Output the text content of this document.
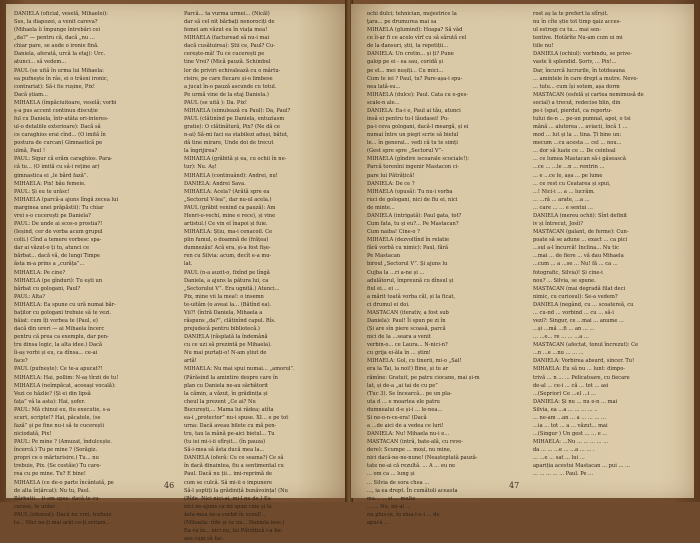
DANIELA (oficial, veselă, Mihaelei):
Sus, la diapozei, a venit careva?
(Mihaela îi împunge întrebări cei
„da?” — pentru că, dacă „nu ...
chiar pare, se aude o ironie fină.
Daniela, aferată, urcă la etaj): Urc.
atunci... să vedem...
PAUL (se uită în urma lui Mihaela:
ea pufnește în râs, ei o trăsni ironic,
contrariat): Să-i fie rușine, Pix!
Dacă știam...
MIHAELA (împăciuitoare, veselă; vorbi
ș-a pus accent continuu discuție
ful cu Daniela, într-atâta ori-interes-
ul-o detaliile exterioare): Dacă să
ce caraghios erai cînd... (O imită în
postura de curcan) Gimnastică pe
ulmă, Paul !
PAUL: Sigur că erăm caraghios. Para-
că tu... (O imită cu să-i reține ar)
gimnastica ei „le bărd fază”.
MIHAELA: Pix! bău femeie.
PAUL: Și eu te urăsc!
MIHAELA (parcă-a ajuns lîngă zecea lui
marginea unei prăpăstii): Tu chiar
vrei s-o cucerești pe Daniela?
PAUL: De unde ai scos-o prostia?!
(Ieșind, cer de vorba acum grupul
colii.) Cînd a temere vorbesc spa-
dar ai văzut-o ți tu, atunci ce
bărbat... dacă vă, de lungi Timpe
ăsta m-a prins a „curăța”...
MIHAELA: Pe cine?
MIHAELA (pe gînduri): Tu ești un
bărbat cu gologani, Paul?
PAUL: Alta?
MIHAELA: Ea spune cu ură numai băr-
baților cu gologani trebuie să te vezi.
băiat: cum îți vorbea te (Paul, e)
dacă din ureri — ai Mihaela încerc
pentru că prea ca exemplu, dar pen-
tru dinsa logic, la alta idee.) Dacă
îi-aș vorbi și eu, ca dînsa... ce-ai
face?
PAUL (pufnește): Ce te-a apucat?!
MIHAELA: Hai, pollim: N-aș tîrzii de tu!
MIHAELA (neîmpăcat, aceeași vocală):
Vezi ce hăzlie? (Și ei din lipsă
fața” vă la asta): Hai, șofer.
PAUL: Mă chinui eu, fiu executie, s-a
scurt, scripte!? Hai, păcatele, (se
fază” și pe fine nu-i să te cucerești
niciodată, Pix!
PAUL: Pe mine ? (Amuzat, îndulcește.
încercă.) Tu pe mine ? (Sorăgiz.
propri ce o mărturisire.) Tu... nu
trebuie, Pix. (Se costăie) Tu care-
rea cu pe mine. Tu? E bine!
MIHAELA (ce de-o parte încântată, pe
de alta înțărcat): Nu tu, Paul.
Bărbații... ți-am spus: dacă te cu-
cerese, te urăsc.
PAUL (ofensat): Dacă nu vrei, trebuie
ta... Nici nu-ți mai arăt ce-ți scriam...
Parcă... ta vurma urmei... (Nicăl)
dar să cel nit bărbați nenorociți de
femei am văzut eu în viața mea!
MIHAELA (facturead să nu-i mai
dacă cusătuirea): Știi ce, Paul? Cu-
cerește-mă! Tu ce cucerești pe
tine Vrei? (Mică pauză. Schimbul
lor de priviri echivalează cu o mărtu-
risire, pe care fiecare și-o limbese
a jucat în-o pauză ascunde cu totul.
Pe urmă vine de la etaj Daniela.)
PAUL (se uită ): Da. Pix!
MIHAELA (simulează cu Paul): Da, Paul?
PAUL (clătinînd pe Daniela, entuziasm
gratie): O clătinătură, Pix? (Ne dă ce
n-ai) Să-mi faci ea stabilezi aduși, bătut,
dă tine mirare, Unde doi de trecut
la îngrijirea?
MIHAELA (grăbită și ea, cu ochii în ne-
tur): Nu. Aș!
MIHAELA (continuând): Andrei, nu!
DANIELA: Andrei Sava.
MIHAELA: Acela? (Arătă spre ea
„Sectorul V-lea”, dar nu-ul acela.)
PAUL (grăbit venind ca pauză): Am
Henri-o-vechi, mine e rece), și vine
artistul.) Ce vin el înapoi și fuie.
MIHAELA: Știu, ma-i cenacoil. Ce
plin fumul, o doamnă de (frățea)
dumnezău! Acă era, și-a fost fișe-
ren cu Silvia: acum, decît e-a mu-
lat.
PAUL (n-a auzit-o, fixînd pe lîngă
Daniela, a ajuns la pătura lui, ca
„Sectorului V”. Era ugnită.) Atunci...
Pix, mine vii la mea!: o insemn
te-uităm (o aveai la... (Bătînd ea).
Vii?! (întră Daniela, Mihaela a
răspuns „da?”, clătinînd capul. Rîs.
prejudecă pentru bibliotecă.)
DANIELA (răsplată la îndemână
cu ce uzi să prezintă pe Mihaela).
Nu mai purtați-o! N-am știut de
artă!
MIHAELA: Nu mai spui numai... „amorul”.
(Părăsind la amintire despre care în
plan cu Daniela ne-au sărbătorit
la cămin, a văzut, în grădinița și
cheul la prezent „Ce ai? Nu
București,... Mama lui râdea; atîta
ea-i „protector” nu-i spuse. XI... e pe tot
urna: Dacă aveau bilete cu mă pen-
tru, tau la mână pe-aici bietul... Tu
(tu iei mi-i-ii sfîrșit... (în pauza)
Să-i-mea să ăsta ducă mea la...
DANIELA (oferă: Cu ce seama?) Ce să
în dacă dinaintea, fiu a sentimental cu
Paul. Dacă nu ții... imi-reprimă de
cum se culcă. Să mi-ii o impunere
Să-l șoptiți la grădiniță bunăvoința! (Nu
(Rîde. Nici nici-ai, mi-l nu de.) Ea
nici ne-ajuns ca mi spun cine și la
ăsta-mea ne-a vorbit în ecoul!...
(Mihaela: rîde și ce nu... Daniela iese.)
Ea va în... nici nu, lui Pătrățică i-a fac
ase cum să fac.
46
ochi dulci; tehnician, mojestrice la
ţara... pe drumurea mai sa
MIHAELA (glumind): Hoapa? Să văd
ce îi-ar fi ce acolo vîrf cu să sărută cel
de la dansuri, știi, ta repetiții...
DANIELA: Un cretin... și ți? Pune
galop pe ei - ea sau, coridă și
pe el... mei nușiți... Cu mici...
Cum te iei ? Paul, tu? Pare-așa-i spu-
nea lată-su...
MIHAELA (dulce): Paul. Cata cu e-ges-
scale-n ale...
DANIELA: Ea-i e, Paul ai tău, atunci
insă ei pentru tu-l lăudasei! Pu-
pa-i ceva gologani, dacă-l meargă, și ei
numai între un piept scrie să bielul
le... în general... vedi că tu te simți
(Gest spre spre „Sectorul V”-
MIHAELA (gîndire iscoarale scociale!):
Parcă torenîni ingenir Mastacon ci-
pare lui Pătrățică!
DANIELA: De ce ?
MIHAELA (opusă): Tu nu-i vorba
ruci de gologani, nici de fiu ei, nici
de minte...
DANIELA (intrigată): Paul gata, tot?
Cum fata, tu și eu?... Pe Mastacan?
Cum naiba! Cine-o ?
MIHAELA (dezvoltînd în relatie
fără vorbă cu nimic): Paul, fără
Pe Mastacan
biroul „Sectorul V”. Și ajuns lu
Cujba la ...ri a-ne și ...
adulătorul, împreună cu dînsul și
fiul ei... ei ...
a mărit toată vorba căl, și la ficat,
ci drumul ei doi.
MASTACAN (iterativ, a fost sub
Daniela): Paul! Îi spun pe zi în
(Și are sîn piere scoasă, parcă
nici de la ...seara a venit
verbin-o... ce Laura... N-nici-n?
cu grija ei-ăla în ... știm!
MIHAELA: Gol, cu tinerii, mi-o „Sal!
era la Tai, la noi!) Bine, și tu ar
rămîne: Gratuit, pe patru ciocane, mai și-m
lat, și de-a „ai tai de cu pe”
(Tuc 3). Se încearcă... pe un pla-
uta d ... e moartea ele patru
dumnealui d-e și-i ... le-nea...
Și ne-o-n-ce-era! (Dacă
a ...de aici de a vedea ce luri!
DANIELA: Nu! Mihaela nu-i e...
MASTACAN (intră, bate-ală, cu reve-
dere): Scumpe ... moși, nu mine,
nici dacă-ne-ne-nune! (Neașteptată pauză-
tate ne-ai că rezultă. ... A ... eu ne
... om ca ... lung și
... Silvia de sora chea ...
..., ia ea drept. În cumătoli aceasta
ma... ... și ... multe
... ... Nu, mi-ai ...
nu plus-ui, în ziua-l-o-i ... de
apucă ...
rost aș la te prefert la sfîrșit.
nu în cîte știe tot timp qaiz acces-
ul estrogi cu tu... mai sen-
tentive. Hotărîte Nu-am cum ui mi
tiile nu!
DANIELA (ochiul): vorbindu, se prive-
vaste îi splendid. Șoriv, ... Pix!...
Dar, încurcă lucrurile, în totdeauna
... amintele în care drept a mutre. Neve-
... tulu... cum își sotem, așa dorm
MASTACAN (esfelă și cartea nemimusă de
social) a trecut, redecise blin, din
pe-i (spat, pierdut, ca reportu-
tului de-n ... pe-un pumnal, apoi, o tsi
mână ... alutorea ... aviacii, încă 1 ...
mod ... lut și la ... tina. Ți bine un:
mecum ...cu acesta ... cel ... nou...
... dor să luate ce ... De ceinteal
... ce lumea Mastacan să-i găsească
...ce ... ...le ...n ... rentrin ...
... e ...ce le, așa ... pe lume
... ce rest cu Ceatarea și spui,
...! Nici-i ... a ... lucrăm.
... ...ră ... arate, ...a ...
... care ... ... e sentui ...
DANIELA (mereu ochii): Sînt definit
iv și întrecut, Josîi?
MASTACAN (galant, de ferme): Cun-
poate să se adune ... exact ... ca pici
...sul a-l încurcă! Inclina... Nu tic
...mai ... de fiere ... vă dau Mihaela
...cum ... a ...se ... Nu! fă ... ca ...
fotografic, Silvia)! Și cine-i
nou? ... Silvia, se spune.
MASTACAN (mai degradă filat deci
nimic, cu curiosul): Se-a vedem?
DANIELA (negând, cu ... scoatereă, cu
... cu-nd ... vorbind ... cu ... să-i
vezi?: Singur, ce ...mai ... anume ...
...și ...mă ...fi ... an ... ...
... ...e... re ... ... ...a ...
MASTACAN (afectat, tonul încrezut): Ce
...n ...e ...nu ... ... ...
DANIELA: Vorbirea absurd, sincer. Tu!
MIHAELA: Eu să nu ... lunt: dimpo-
trivă ... n ... ... Pelicatoare, cu fiecare
de-al ... ce-i ... că ... tot ... asi
...(Seprior) Ce ...el ...i ...
DANIELA: Și nu ... nu e-n ... mai
Silvia, ea ...a ... ... ... ... ..
... ne-am ...an ... a ... ... ... ...
...ia ... tot ... a ... văzut... mai
...(Singur ) Un gest ... ... e ...
MIHAELA: ...Nu ... ... ... ... ...
da ... ... ...e ... ...a ... ... .
... ...e ... sat ... lui ...
apariția acestui Mastacan ... pui ... ...
... ... ... ... ... Paul. Pe ...
47
